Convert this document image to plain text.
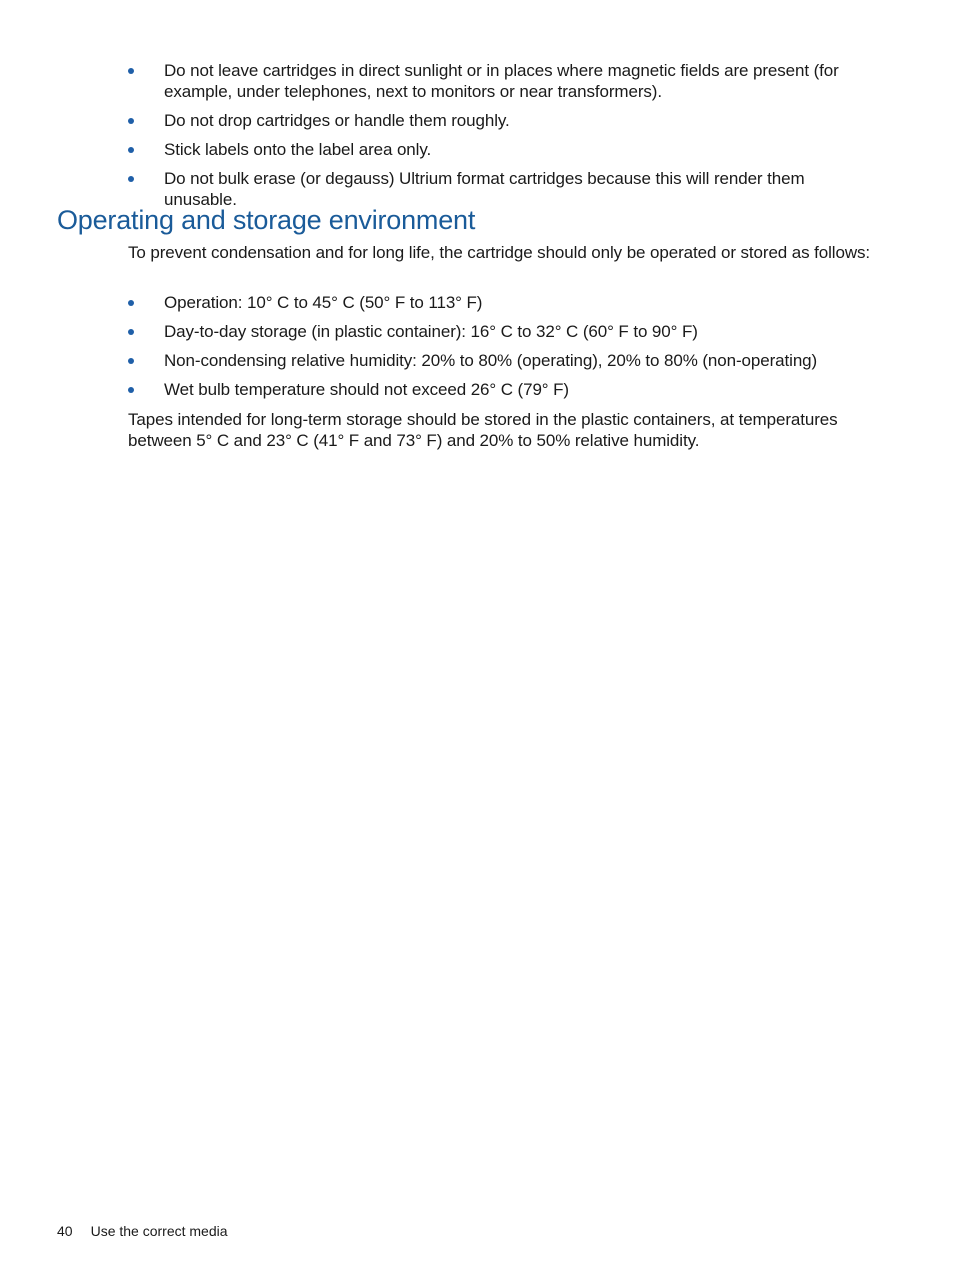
Do not leave cartridges in direct sunlight or in places where magnetic fields are present (for example, under telephones, next to monitors or near transformers).
Do not drop cartridges or handle them roughly.
Stick labels onto the label area only.
Do not bulk erase (or degauss) Ultrium format cartridges because this will render them unusable.
Operating and storage environment

To prevent condensation and for long life, the cartridge should only be operated or stored as follows:

Operation: 10° C to 45° C (50° F to 113° F)
Day-to-day storage (in plastic container): 16° C to 32° C (60° F to 90° F)
Non-condensing relative humidity: 20% to 80% (operating), 20% to 80% (non-operating)
Wet bulb temperature should not exceed 26° C (79° F)

Tapes intended for long-term storage should be stored in the plastic containers, at temperatures between 5° C and 23° C (41° F and 73° F) and 20% to 50% relative humidity.

40 Use the correct media
